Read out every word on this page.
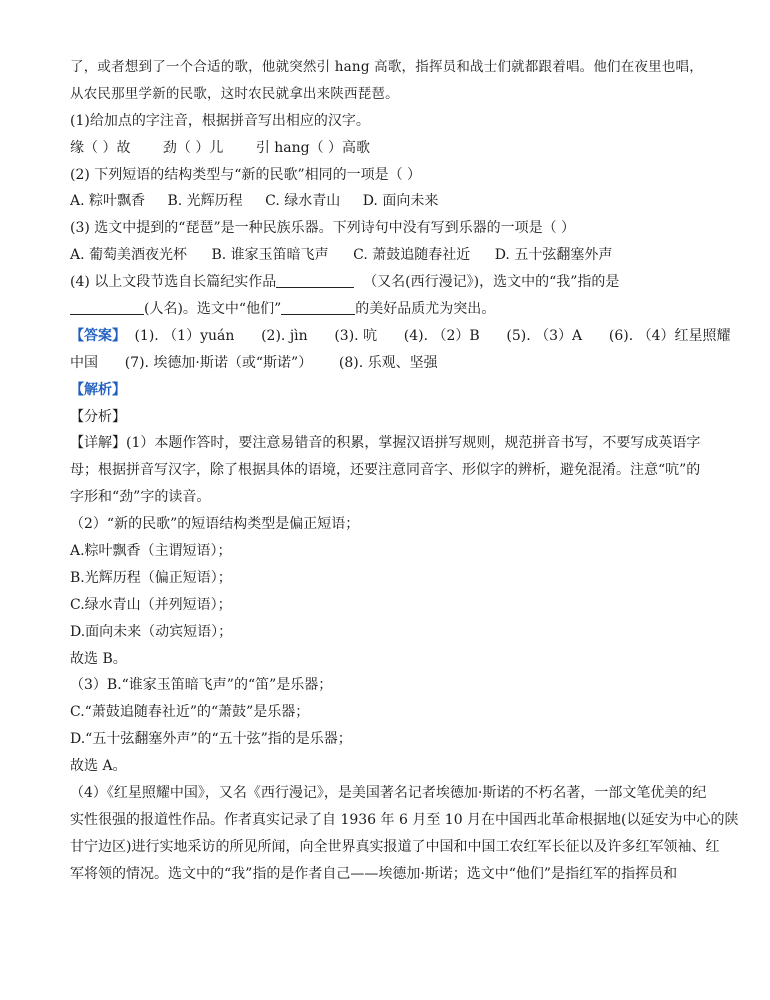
了，或者想到了一个合适的歌，他就突然引 hang 高歌，指挥员和战士们就都跟着唱。他们在夜里也唱，
从农民那里学新的民歌，这时农民就拿出来陕西琵琶。
(1)给加点的字注音，根据拼音写出相应的汉字。
缘（ ）故 劲（ ）儿 引 hang（ ）高歌
(2) 下列短语的结构类型与“新的民歌”相同的一项是（ ）
A. 粽叶飘香 B. 光辉历程 C. 绿水青山 D. 面向未来
(3) 选文中提到的“琵琶”是一种民族乐器。下列诗句中没有写到乐器的一项是（ ）
A. 葡萄美酒夜光杯 B. 谁家玉笛暗飞声 C. 萧鼓追随春社近 D. 五十弦翻塞外声
(4) 以上文段节选自长篇纪实作品	（又名(西行漫记》)，选文中的“我”指的是
(人名)。选文中“他们”	的美好品质尤为突出。
【答案】 (1). （1）yuán      (2). jìn      (3). 吭      (4). （2）B      (5). （3）A      (6). （4）红星照耀
中国      (7). 埃德加·斯诺（或“斯诺”）      (8). 乐观、坚强
【解析】
【分析】
【详解】(1）本题作答时，要注意易错音的积累，掌握汉语拼写规则，规范拼音书写，不要写成英语字
母；根据拼音写汉字，除了根据具体的语境，还要注意同音字、形似字的辨析，避免混淆。注意“吭”的
字形和“劲”字的读音。
（2）“新的民歌”的短语结构类型是偏正短语；
A.粽叶飘香（主谓短语）；
B.光辉历程（偏正短语）；
C.绿水青山（并列短语）；
D.面向未来（动宾短语）；
故选 B。
（3）B.“谁家玉笛暗飞声”的“笛”是乐器；
C.“萧鼓追随春社近”的“萧鼓”是乐器；
D.“五十弦翻塞外声”的“五十弦”指的是乐器；
故选 A。
（4）《红星照耀中国》，又名《西行漫记》，是美国著名记者埃德加·斯诺的不朽名著，一部文笔优美的纪
实性很强的报道性作品。作者真实记录了自 1936 年 6 月至 10 月在中国西北革命根据地(以延安为中心的陕
甘宁边区)进行实地采访的所见所闻，向全世界真实报道了中国和中国工农红军长征以及许多红军领袖、红
军将领的情况。选文中的“我”指的是作者自己——埃德加·斯诺；选文中“他们”是指红军的指挥员和
